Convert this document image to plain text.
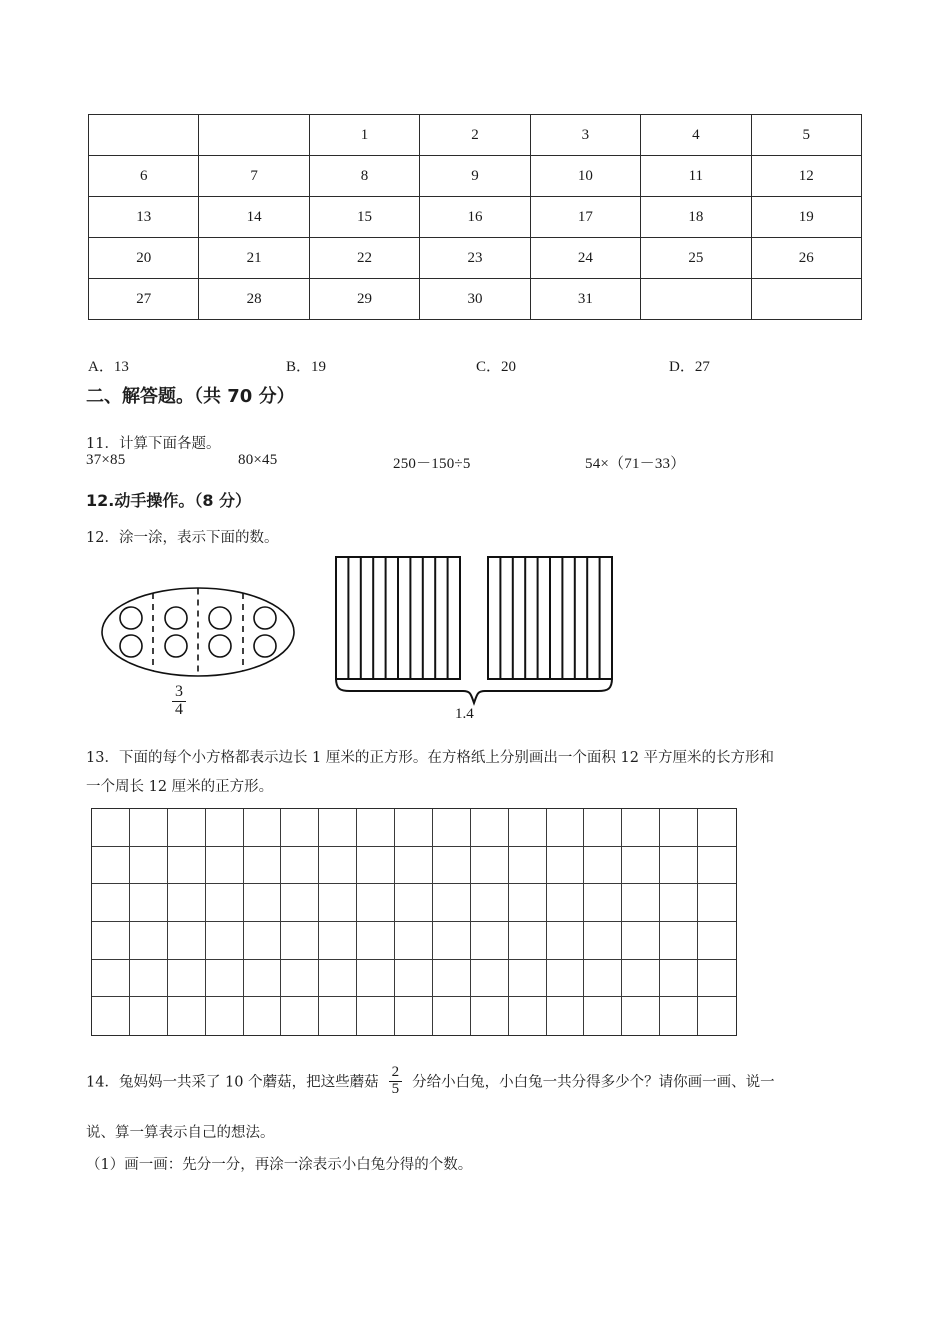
		1	2	3	4	5
6	7	8	9	10	11	12
13	14	15	16	17	18	19
20	21	22	23	24	25	26
27	28	29	30	31		
A．13	B．19	C．20	D．27
二、解答题。（共 70 分）
11．计算下面各题。
37×85	80×45	250－150÷5	54×（71－33）
12.动手操作。（8 分）
12．涂一涂，表示下面的数。
$\frac{3}{4}$	1.4
13．下面的每个小方格都表示边长 1 厘米的正方形。在方格纸上分别画出一个面积 12 平方厘米的长方形和
一个周长 12 厘米的正方形。
14．兔妈妈一共采了 10 个蘑菇，把这些蘑菇 $\frac{2}{5}$ 分给小白兔，小白兔一共分得多少个？请你画一画、说一
说、算一算表示自己的想法。
（1）画一画：先分一分，再涂一涂表示小白兔分得的个数。
